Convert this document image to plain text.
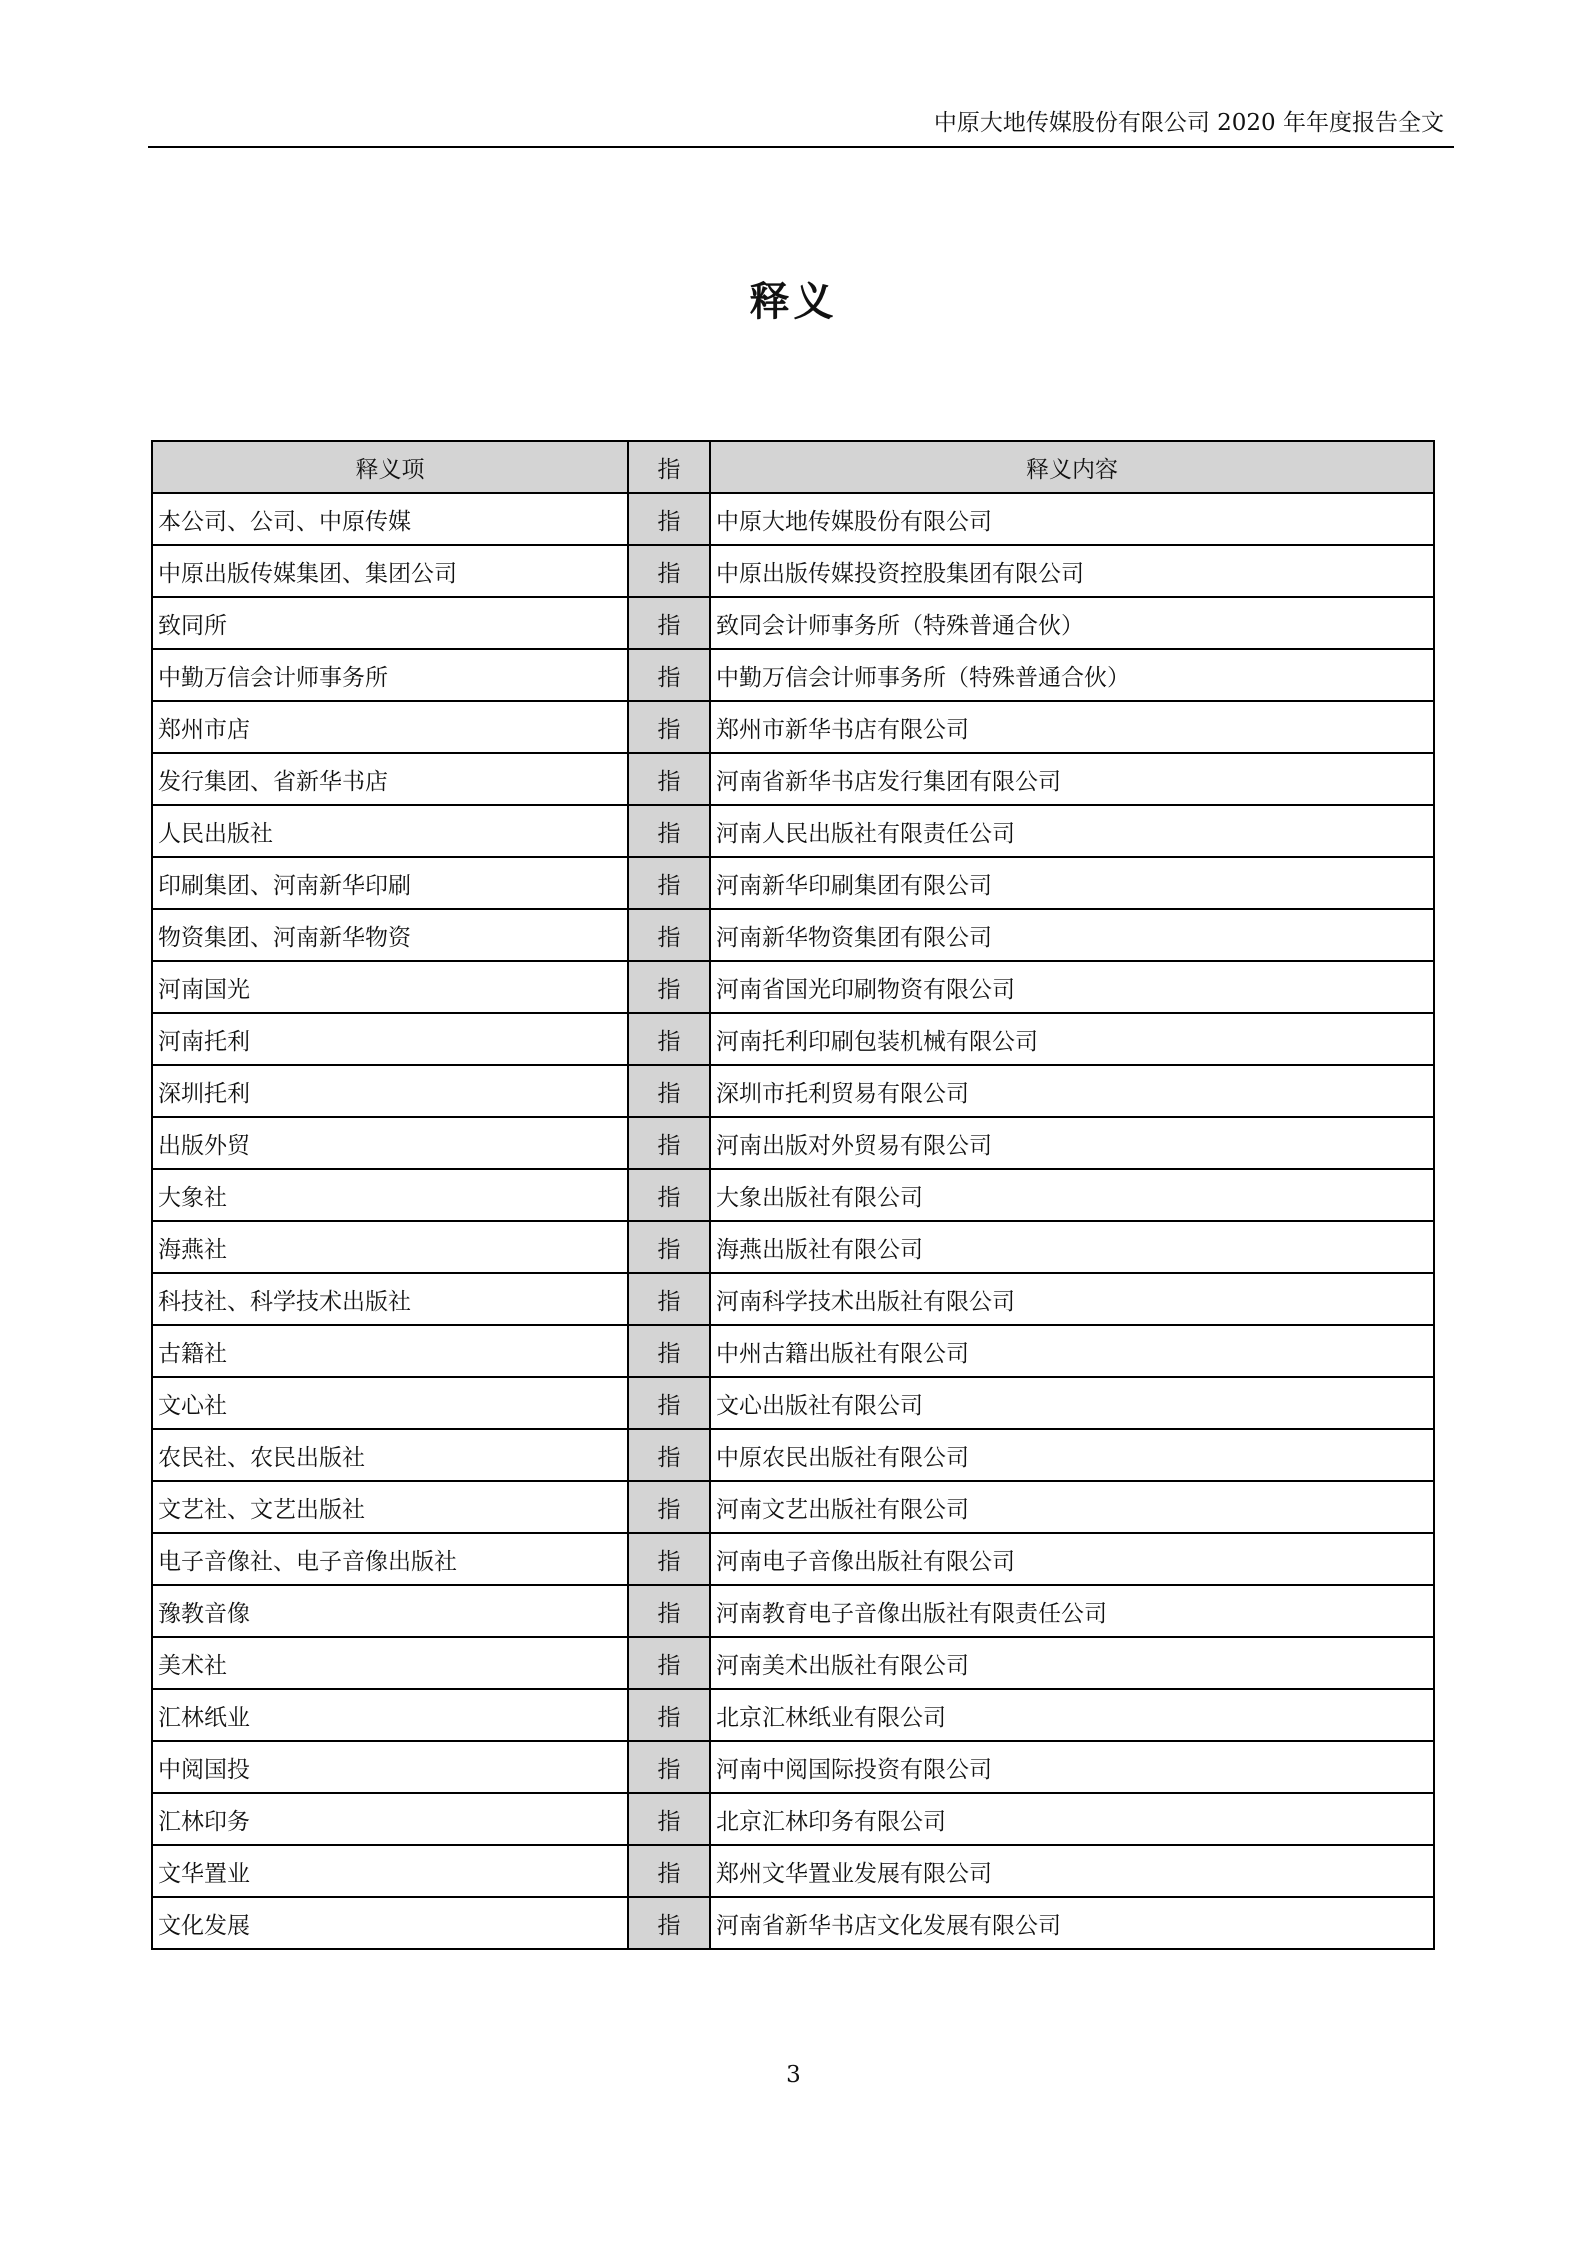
中原大地传媒股份有限公司 2020 年年度报告全文
释义
释义项	指	释义内容
本公司、公司、中原传媒	指	中原大地传媒股份有限公司
中原出版传媒集团、集团公司	指	中原出版传媒投资控股集团有限公司
致同所	指	致同会计师事务所（特殊普通合伙）
中勤万信会计师事务所	指	中勤万信会计师事务所（特殊普通合伙）
郑州市店	指	郑州市新华书店有限公司
发行集团、省新华书店	指	河南省新华书店发行集团有限公司
人民出版社	指	河南人民出版社有限责任公司
印刷集团、河南新华印刷	指	河南新华印刷集团有限公司
物资集团、河南新华物资	指	河南新华物资集团有限公司
河南国光	指	河南省国光印刷物资有限公司
河南托利	指	河南托利印刷包装机械有限公司
深圳托利	指	深圳市托利贸易有限公司
出版外贸	指	河南出版对外贸易有限公司
大象社	指	大象出版社有限公司
海燕社	指	海燕出版社有限公司
科技社、科学技术出版社	指	河南科学技术出版社有限公司
古籍社	指	中州古籍出版社有限公司
文心社	指	文心出版社有限公司
农民社、农民出版社	指	中原农民出版社有限公司
文艺社、文艺出版社	指	河南文艺出版社有限公司
电子音像社、电子音像出版社	指	河南电子音像出版社有限公司
豫教音像	指	河南教育电子音像出版社有限责任公司
美术社	指	河南美术出版社有限公司
汇林纸业	指	北京汇林纸业有限公司
中阅国投	指	河南中阅国际投资有限公司
汇林印务	指	北京汇林印务有限公司
文华置业	指	郑州文华置业发展有限公司
文化发展	指	河南省新华书店文化发展有限公司
3
